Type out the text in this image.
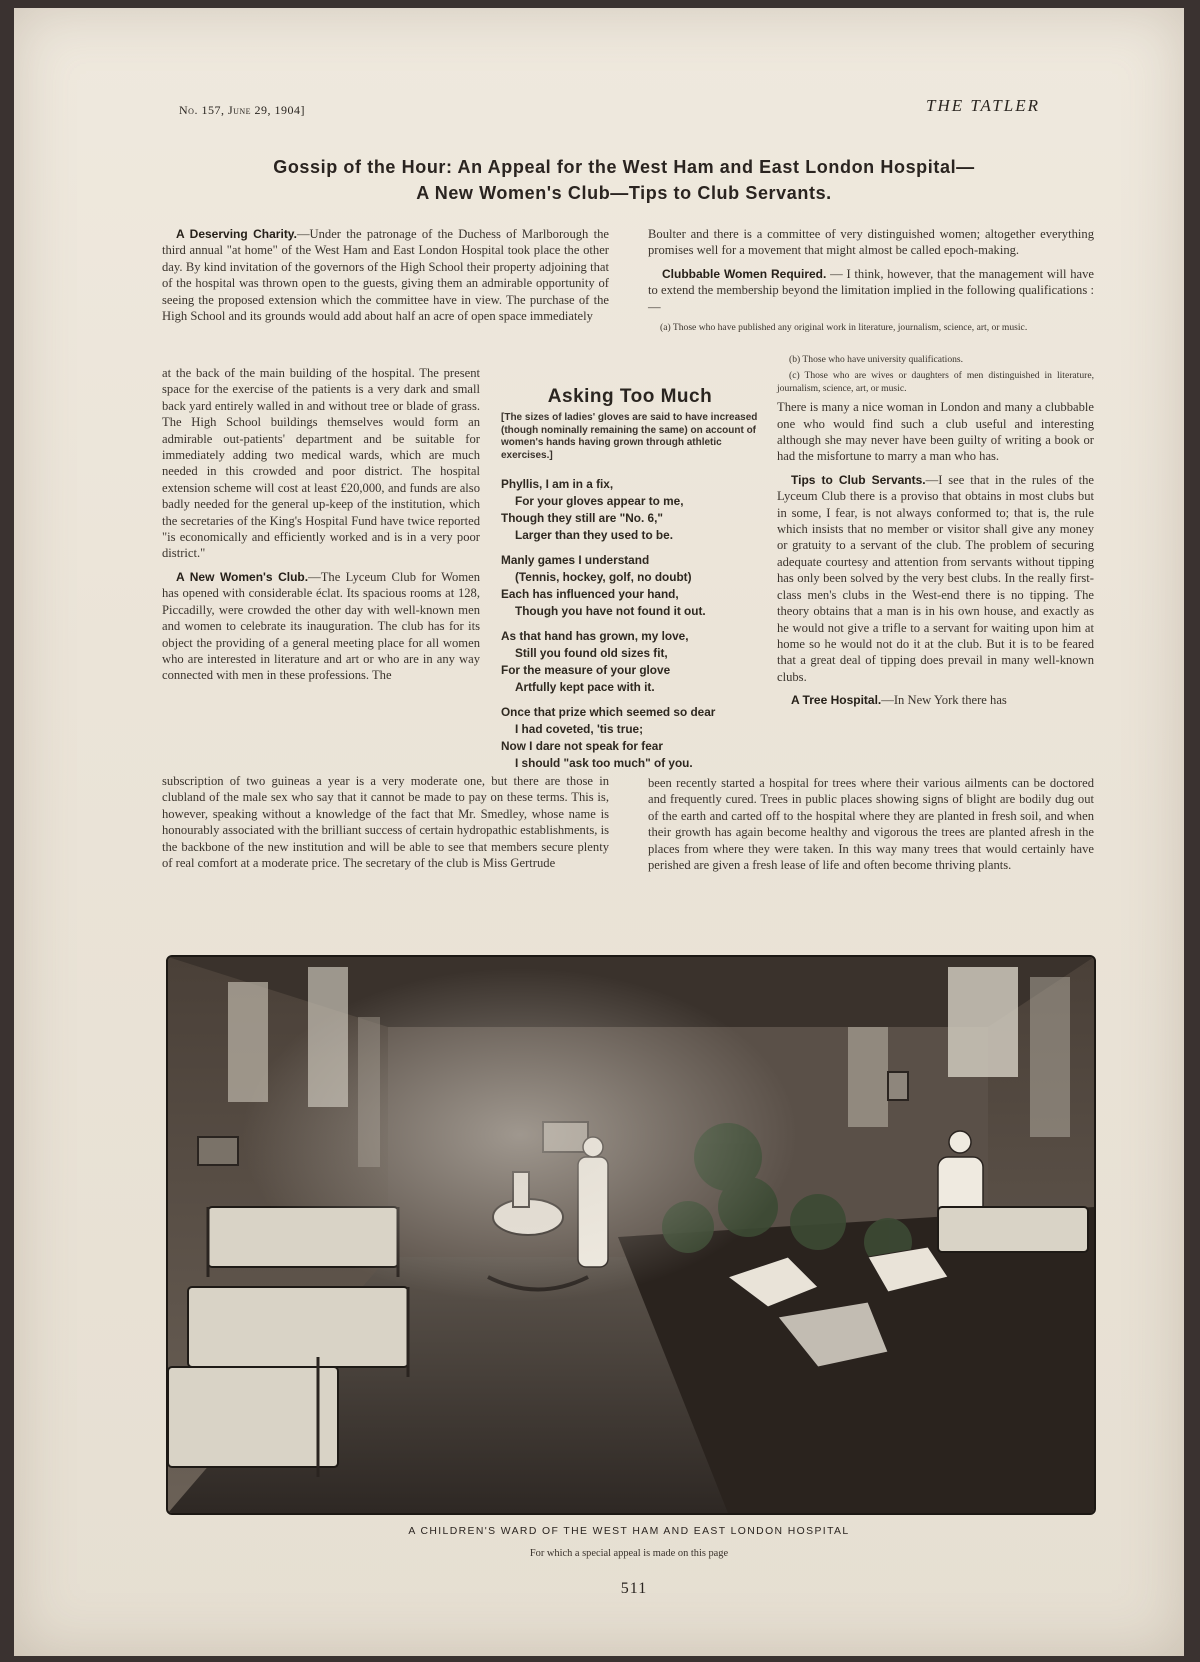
No. 157, June 29, 1904]	THE TATLER
Gossip of the Hour: An Appeal for the West Ham and East London Hospital—
A New Women's Club—Tips to Club Servants.

A Deserving Charity.—Under the patronage of the Duchess of Marlborough the third annual "at home" of the West Ham and East London Hospital took place the other day. By kind invitation of the governors of the High School their property adjoining that of the hospital was thrown open to the guests, giving them an admirable opportunity of seeing the proposed extension which the committee have in view. The purchase of the High School and its grounds would add about half an acre of open space immediately

at the back of the main building of the hospital. The present space for the exercise of the patients is a very dark and small back yard entirely walled in and without tree or blade of grass. The High School buildings themselves would form an admirable out-patients' department and be suitable for immediately adding two medical wards, which are much needed in this crowded and poor district. The hospital extension scheme will cost at least £20,000, and funds are also badly needed for the general up-keep of the institution, which the secretaries of the King's Hospital Fund have twice reported "is economically and efficiently worked and is in a very poor district."

A New Women's Club.—The Lyceum Club for Women has opened with considerable éclat. Its spacious rooms at 128, Piccadilly, were crowded the other day with well-known men and women to celebrate its inauguration. The club has for its object the providing of a general meeting place for all women who are interested in literature and art or who are in any way connected with men in these professions. The

subscription of two guineas a year is a very moderate one, but there are those in clubland of the male sex who say that it cannot be made to pay on these terms. This is, however, speaking without a knowledge of the fact that Mr. Smedley, whose name is honourably associated with the brilliant success of certain hydropathic establishments, is the backbone of the new institution and will be able to see that members secure plenty of real comfort at a moderate price. The secretary of the club is Miss Gertrude

Asking Too Much
[The sizes of ladies' gloves are said to have increased (though nominally remaining the same) on account of women's hands having grown through athletic exercises.]
Phyllis, I am in a fix,
For your gloves appear to me,
Though they still are "No. 6,"
Larger than they used to be.
Manly games I understand
(Tennis, hockey, golf, no doubt)
Each has influenced your hand,
Though you have not found it out.
As that hand has grown, my love,
Still you found old sizes fit,
For the measure of your glove
Artfully kept pace with it.
Once that prize which seemed so dear
I had coveted, 'tis true;
Now I dare not speak for fear
I should "ask too much" of you.

Boulter and there is a committee of very distinguished women; altogether everything promises well for a movement that might almost be called epoch-making.

Clubbable Women Required. — I think, however, that the management will have to extend the membership beyond the limitation implied in the following qualifications :—

(a) Those who have published any original work in literature, journalism, science, art, or music.

(b) Those who have university qualifications.

(c) Those who are wives or daughters of men distinguished in literature, journalism, science, art, or music.

There is many a nice woman in London and many a clubbable one who would find such a club useful and interesting although she may never have been guilty of writing a book or had the misfortune to marry a man who has.

Tips to Club Servants.—I see that in the rules of the Lyceum Club there is a proviso that obtains in most clubs but in some, I fear, is not always conformed to; that is, the rule which insists that no member or visitor shall give any money or gratuity to a servant of the club. The problem of securing adequate courtesy and attention from servants without tipping has only been solved by the very best clubs. In the really first-class men's clubs in the West-end there is no tipping. The theory obtains that a man is in his own house, and exactly as he would not give a trifle to a servant for waiting upon him at home so he would not do it at the club. But it is to be feared that a great deal of tipping does prevail in many well-known clubs.

A Tree Hospital.—In New York there has

been recently started a hospital for trees where their various ailments can be doctored and frequently cured. Trees in public places showing signs of blight are bodily dug out of the earth and carted off to the hospital where they are planted in fresh soil, and when their growth has again become healthy and vigorous the trees are planted afresh in the places from where they were taken. In this way many trees that would certainly have perished are given a fresh lease of life and often become thriving plants.

A CHILDREN'S WARD OF THE WEST HAM AND EAST LONDON HOSPITAL
For which a special appeal is made on this page
511
